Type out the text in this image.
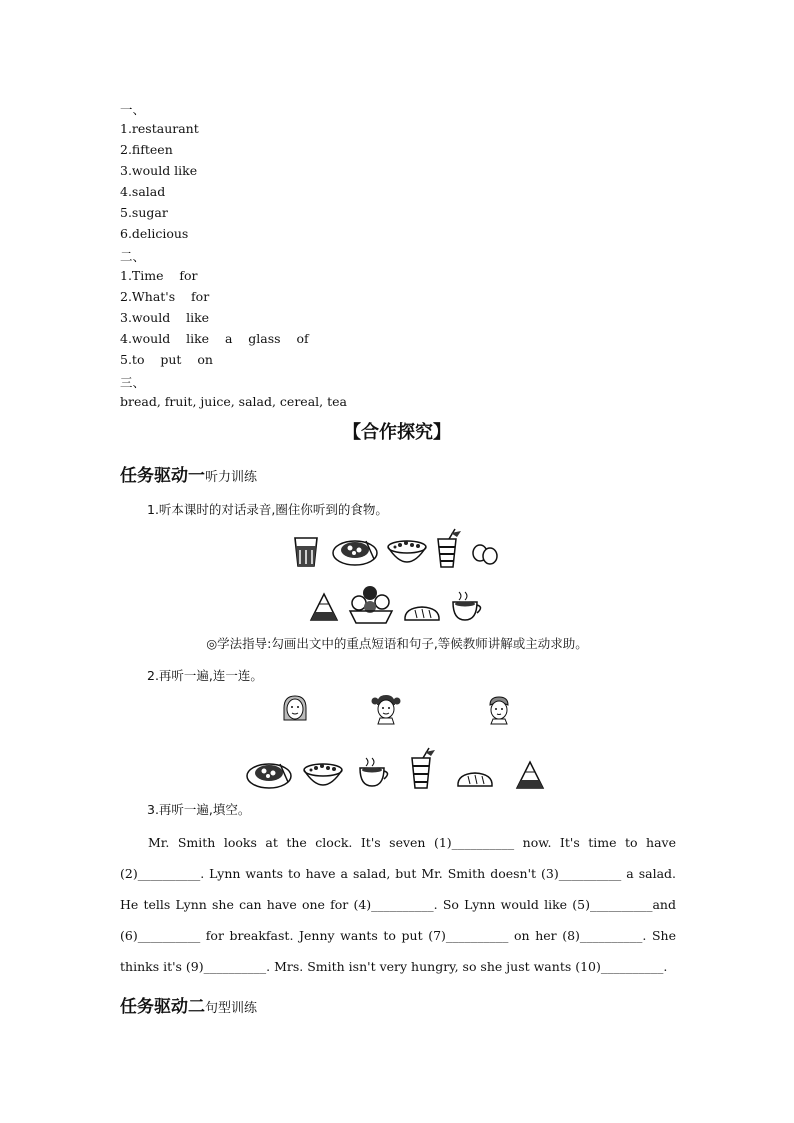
一、
1.restaurant
2.fifteen
3.would like
4.salad
5.sugar
6.delicious
二、
1.Time    for
2.What's    for
3.would    like
4.would    like    a    glass    of
5.to    put    on
三、
bread, fruit, juice, salad, cereal, tea
【合作探究】
任务驱动一听力训练
1.听本课时的对话录音,圈住你听到的食物。
◎学法指导:勾画出文中的重点短语和句子,等候教师讲解或主动求助。
2.再听一遍,连一连。
3.再听一遍,填空。
Mr. Smith looks at the clock. It's seven (1)__________ now. It's time to have (2)__________. Lynn wants to have a salad, but Mr. Smith doesn't (3)__________ a salad. He tells Lynn she can have one for (4)__________. So Lynn would like (5)__________and (6)__________ for breakfast. Jenny wants to put (7)__________ on her (8)__________. She thinks it's (9)__________. Mrs. Smith isn't very hungry, so she just wants (10)__________.
任务驱动二句型训练
